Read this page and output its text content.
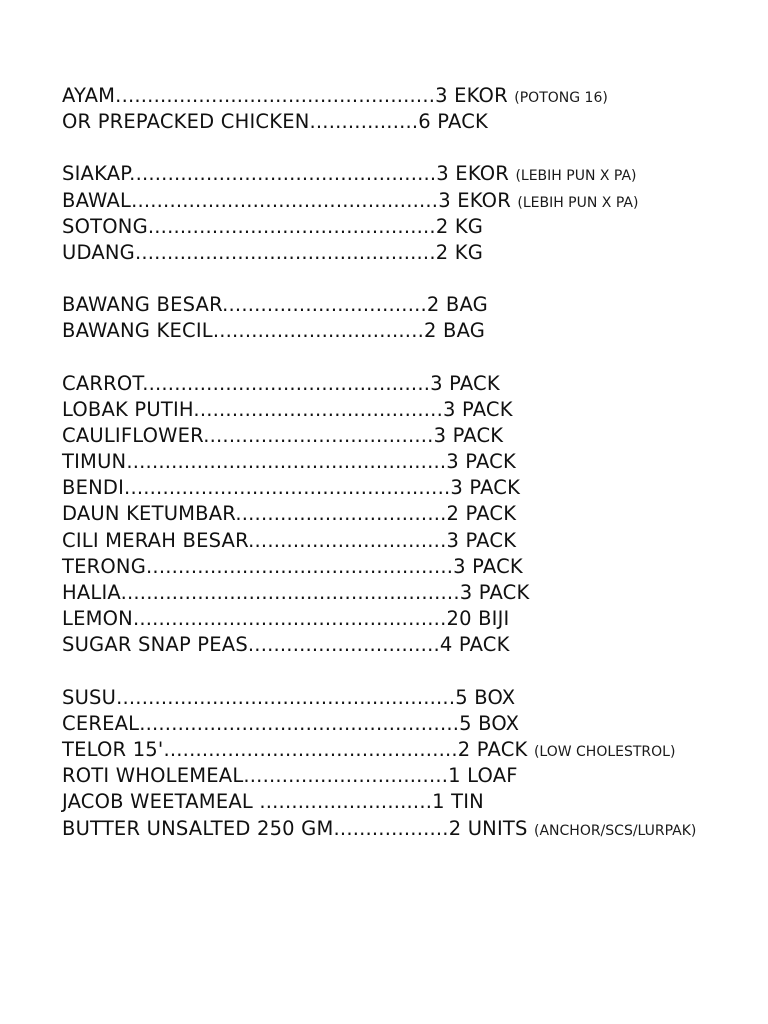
AYAM..................................................3 EKOR (POTONG 16)
OR PREPACKED CHICKEN.................6 PACK
SIAKAP................................................3 EKOR (LEBIH PUN X PA)
BAWAL................................................3 EKOR (LEBIH PUN X PA)
SOTONG.............................................2 KG
UDANG...............................................2 KG
BAWANG BESAR................................2 BAG
BAWANG KECIL.................................2 BAG
CARROT.............................................3 PACK
LOBAK PUTIH.......................................3 PACK
CAULIFLOWER....................................3 PACK
TIMUN..................................................3 PACK
BENDI...................................................3 PACK
DAUN KETUMBAR.................................2 PACK
CILI MERAH BESAR...............................3 PACK
TERONG................................................3 PACK
HALIA.....................................................3 PACK
LEMON.................................................20 BIJI
SUGAR SNAP PEAS..............................4 PACK
SUSU.....................................................5 BOX
CEREAL..................................................5 BOX
TELOR 15'..............................................2 PACK (LOW CHOLESTROL)
ROTI WHOLEMEAL................................1 LOAF
JACOB WEETAMEAL ...........................1 TIN
BUTTER UNSALTED 250 GM..................2 UNITS (ANCHOR/SCS/LURPAK)
